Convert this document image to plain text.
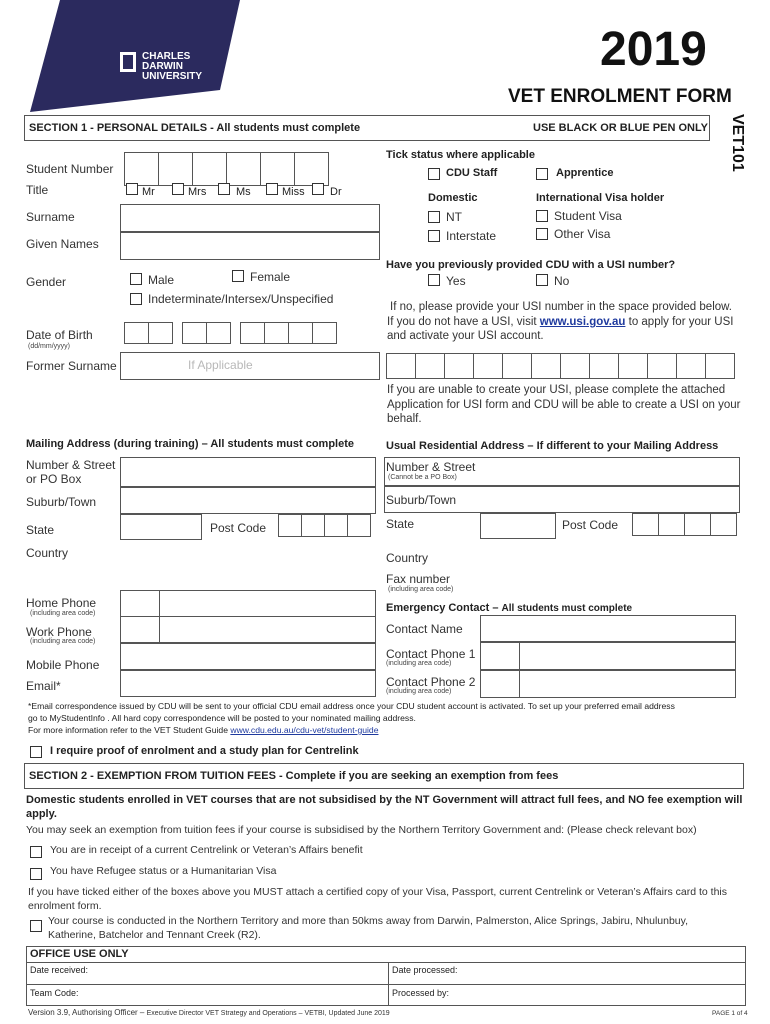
CHARLES DARWIN UNIVERSITY
2019
VET ENROLMENT FORM
VET101
SECTION 1 - PERSONAL DETAILS - All students must complete	USE BLACK OR BLUE PEN ONLY
Student Number
Title	Mr	Mrs	Ms	Miss Dr
Surname
Given Names
Gender	Male	Female
Indeterminate/Intersex/Unspecified
Date of Birth
(dd/mm/yyyy)
Former Surname	If Applicable
Tick status where applicable
CDU Staff	Apprentice
Domestic	International Visa holder
NT	Student Visa
Interstate	Other Visa
Have you previously provided CDU with a USI number?
Yes	No
If no, please provide your USI number in the space provided below.
If you do not have a USI, visit www.usi.gov.au to apply for your USI
and activate your USI account.
If you are unable to create your USI, please complete the attached Application for USI form and CDU will be able to create a USI on your behalf.
Mailing Address (during training) – All students must complete
Number & Street
or PO Box
Suburb/Town
State	Post Code
Country
Home Phone
(including area code)
Work Phone
(including area code)
Mobile Phone
Email*
Usual Residential Address – If different to your Mailing Address
Number & Street
(Cannot be a PO Box)
Suburb/Town
State	Post Code
Country
Fax number
(including area code)
Emergency Contact – All students must complete
Contact Name
Contact Phone 1
(including area code)
Contact Phone 2
(including area code)
*Email correspondence issued by CDU will be sent to your official CDU email address once your CDU student account is activated. To set up your preferred email address
go to MyStudentInfo . All hard copy correspondence will be posted to your nominated mailing address.
For more information refer to the VET Student Guide www.cdu.edu.au/cdu-vet/student-guide
I require proof of enrolment and a study plan for Centrelink
SECTION 2 - EXEMPTION FROM TUITION FEES - Complete if you are seeking an exemption from fees
Domestic students enrolled in VET courses that are not subsidised by the NT Government will attract full fees, and NO fee exemption will apply.
You may seek an exemption from tuition fees if your course is subsidised by the Northern Territory Government and: (Please check relevant box)
You are in receipt of a current Centrelink or Veteran’s Affairs benefit
You have Refugee status or a Humanitarian Visa
If you have ticked either of the boxes above you MUST attach a certified copy of your Visa, Passport, current Centrelink or Veteran’s Affairs card to this enrolment form.
Your course is conducted in the Northern Territory and more than 50kms away from Darwin, Palmerston, Alice Springs, Jabiru, Nhulunbuy, Katherine, Batchelor and Tennant Creek (R2).
OFFICE USE ONLY
Date received:	Date processed:
Team Code:	Processed by:
Version 3.9, Authorising Officer – Executive Director VET Strategy and Operations – VETBI, Updated June 2019	PAGE 1 of 4
